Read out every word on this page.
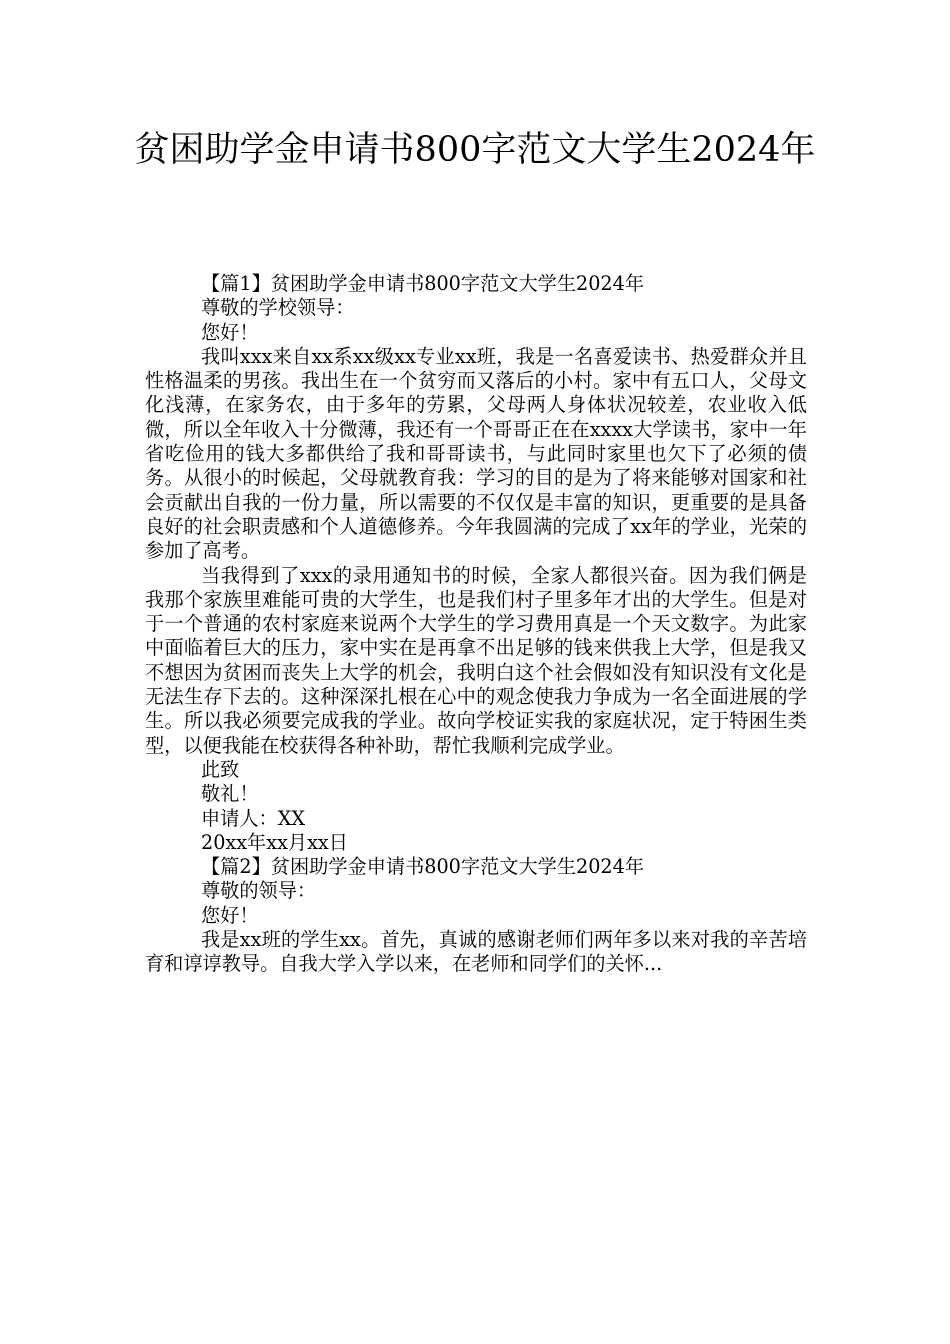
贫困助学金申请书800字范文大学生2024年

【篇1】贫困助学金申请书800字范文大学生2024年

尊敬的学校领导：

您好！

我叫xxx来自xx系xx级xx专业xx班，我是一名喜爱读书、热爱群众并且性格温柔的男孩。我出生在一个贫穷而又落后的小村。家中有五口人，父母文化浅薄，在家务农，由于多年的劳累，父母两人身体状况较差，农业收入低微，所以全年收入十分微薄，我还有一个哥哥正在在xxxx大学读书，家中一年省吃俭用的钱大多都供给了我和哥哥读书，与此同时家里也欠下了必须的债务。从很小的时候起，父母就教育我：学习的目的是为了将来能够对国家和社会贡献出自我的一份力量，所以需要的不仅仅是丰富的知识，更重要的是具备良好的社会职责感和个人道德修养。今年我圆满的完成了xx年的学业，光荣的参加了高考。

当我得到了xxx的录用通知书的时候，全家人都很兴奋。因为我们俩是我那个家族里难能可贵的大学生，也是我们村子里多年才出的大学生。但是对于一个普通的农村家庭来说两个大学生的学习费用真是一个天文数字。为此家中面临着巨大的压力，家中实在是再拿不出足够的钱来供我上大学，但是我又不想因为贫困而丧失上大学的机会，我明白这个社会假如没有知识没有文化是无法生存下去的。这种深深扎根在心中的观念使我力争成为一名全面进展的学生。所以我必须要完成我的学业。故向学校证实我的家庭状况，定于特困生类型，以便我能在校获得各种补助，帮忙我顺利完成学业。

此致

敬礼！

申请人：XX

20xx年xx月xx日

【篇2】贫困助学金申请书800字范文大学生2024年

尊敬的领导：

您好！

我是xx班的学生xx。首先，真诚的感谢老师们两年多以来对我的辛苦培育和谆谆教导。自我大学入学以来，在老师和同学们的关怀...
